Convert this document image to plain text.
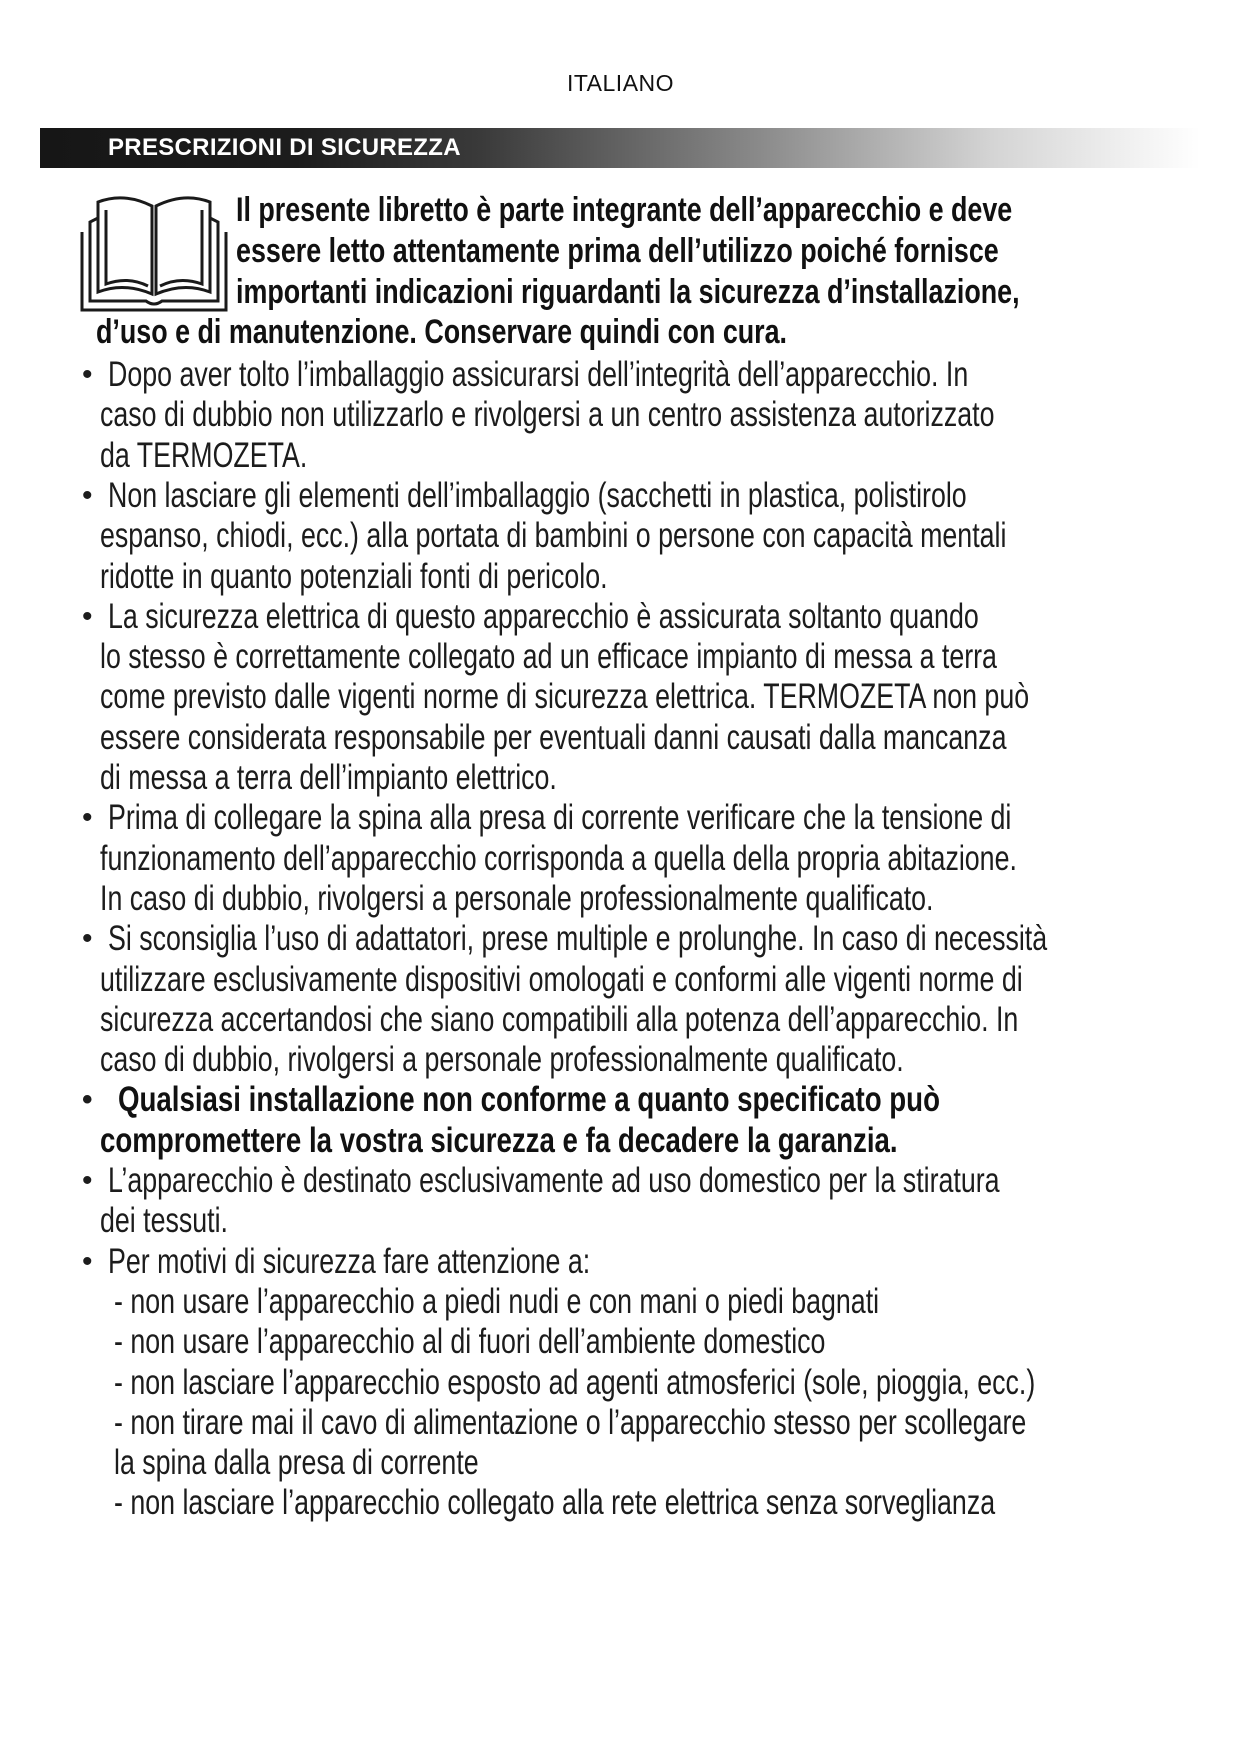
ITALIANO
PRESCRIZIONI DI SICUREZZA
Il presente libretto è parte integrante dell’apparecchio e deve
essere letto attentamente prima dell’utilizzo poiché fornisce
importanti indicazioni riguardanti la sicurezza d’installazione,
d’uso e di manutenzione. Conservare quindi con cura.
• Dopo aver tolto l’imballaggio assicurarsi dell’integrità dell’apparecchio. In
caso di dubbio non utilizzarlo e rivolgersi a un centro assistenza autorizzato
da TERMOZETA.
• Non lasciare gli elementi dell’imballaggio (sacchetti in plastica, polistirolo
espanso, chiodi, ecc.) alla portata di bambini o persone con capacità mentali
ridotte in quanto potenziali fonti di pericolo.
• La sicurezza elettrica di questo apparecchio è assicurata soltanto quando
lo stesso è correttamente collegato ad un efficace impianto di messa a terra
come previsto dalle vigenti norme di sicurezza elettrica. TERMOZETA non può
essere considerata responsabile per eventuali danni causati dalla mancanza
di messa a terra dell’impianto elettrico.
• Prima di collegare la spina alla presa di corrente verificare che la tensione di
funzionamento dell’apparecchio corrisponda a quella della propria abitazione.
In caso di dubbio, rivolgersi a personale professionalmente qualificato.
• Si sconsiglia l’uso di adattatori, prese multiple e prolunghe. In caso di necessità
utilizzare esclusivamente dispositivi omologati e conformi alle vigenti norme di
sicurezza accertandosi che siano compatibili alla potenza dell’apparecchio. In
caso di dubbio, rivolgersi a personale professionalmente qualificato.
• Qualsiasi installazione non conforme a quanto specificato può
compromettere la vostra sicurezza e fa decadere la garanzia.
• L’apparecchio è destinato esclusivamente ad uso domestico per la stiratura
dei tessuti.
• Per motivi di sicurezza fare attenzione a:
- non usare l’apparecchio a piedi nudi e con mani o piedi bagnati
- non usare l’apparecchio al di fuori dell’ambiente domestico
- non lasciare l’apparecchio esposto ad agenti atmosferici (sole, pioggia, ecc.)
- non tirare mai il cavo di alimentazione o l’apparecchio stesso per scollegare
la spina dalla presa di corrente
- non lasciare l’apparecchio collegato alla rete elettrica senza sorveglianza
